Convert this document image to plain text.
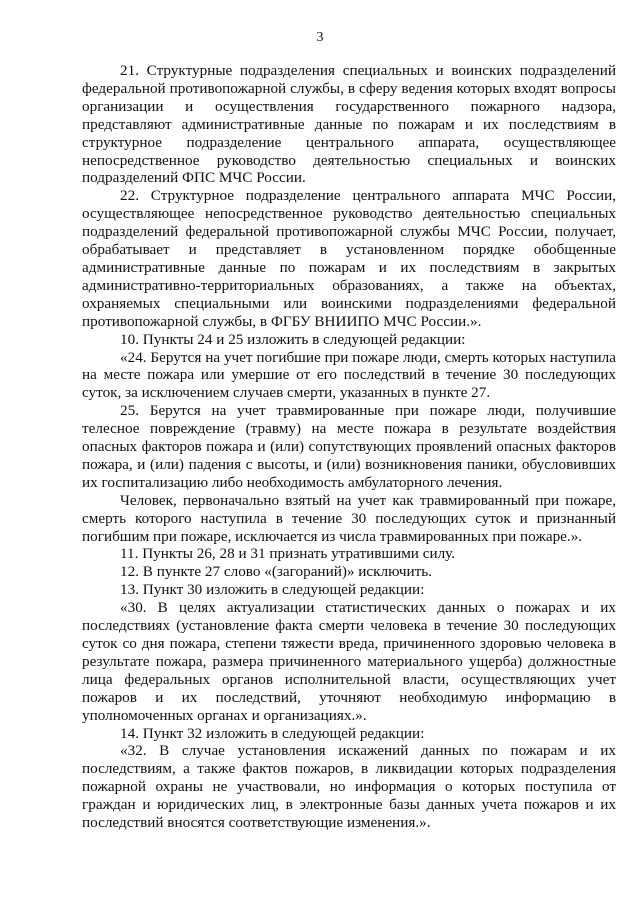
3

21. Структурные подразделения специальных и воинских подразделений федеральной противопожарной службы, в сферу ведения которых входят вопросы организации и осуществления государственного пожарного надзора, представляют административные данные по пожарам и их последствиям в структурное подразделение центрального аппарата, осуществляющее непосредственное руководство деятельностью специальных и воинских подразделений ФПС МЧС России.

22. Структурное подразделение центрального аппарата МЧС России, осуществляющее непосредственное руководство деятельностью специальных подразделений федеральной противопожарной службы МЧС России, получает, обрабатывает и представляет в установленном порядке обобщенные административные данные по пожарам и их последствиям в закрытых административно-территориальных образованиях, а также на объектах, охраняемых специальными или воинскими подразделениями федеральной противопожарной службы, в ФГБУ ВНИИПО МЧС России.».

10. Пункты 24 и 25 изложить в следующей редакции:

«24. Берутся на учет погибшие при пожаре люди, смерть которых наступила на месте пожара или умершие от его последствий в течение 30 последующих суток, за исключением случаев смерти, указанных в пункте 27.

25. Берутся на учет травмированные при пожаре люди, получившие телесное повреждение (травму) на месте пожара в результате воздействия опасных факторов пожара и (или) сопутствующих проявлений опасных факторов пожара, и (или) падения с высоты, и (или) возникновения паники, обусловивших их госпитализацию либо необходимость амбулаторного лечения.

Человек, первоначально взятый на учет как травмированный при пожаре, смерть которого наступила в течение 30 последующих суток и признанный погибшим при пожаре, исключается из числа травмированных при пожаре.».

11. Пункты 26, 28 и 31 признать утратившими силу.

12. В пункте 27 слово «(загораний)» исключить.

13. Пункт 30 изложить в следующей редакции:

«30. В целях актуализации статистических данных о пожарах и их последствиях (установление факта смерти человека в течение 30 последующих суток со дня пожара, степени тяжести вреда, причиненного здоровью человека в результате пожара, размера причиненного материального ущерба) должностные лица федеральных органов исполнительной власти, осуществляющих учет пожаров и их последствий, уточняют необходимую информацию в уполномоченных органах и организациях.».

14. Пункт 32 изложить в следующей редакции:

«32. В случае установления искажений данных по пожарам и их последствиям, а также фактов пожаров, в ликвидации которых подразделения пожарной охраны не участвовали, но информация о которых поступила от граждан и юридических лиц, в электронные базы данных учета пожаров и их последствий вносятся соответствующие изменения.».
